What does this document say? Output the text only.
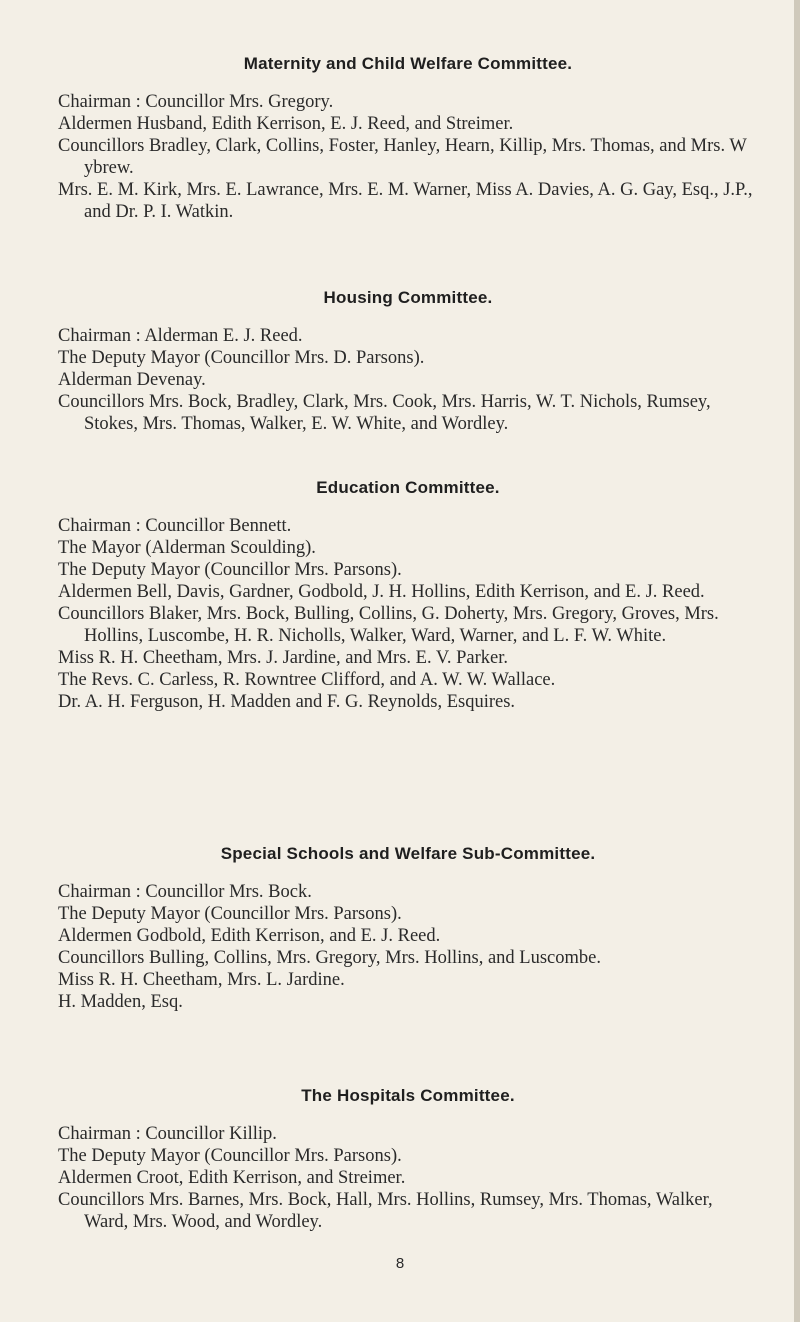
Maternity and Child Welfare Committee.

Chairman : Councillor Mrs. Gregory.

Aldermen Husband, Edith Kerrison, E. J. Reed, and Streimer.

Councillors Bradley, Clark, Collins, Foster, Hanley, Hearn, Killip, Mrs. Thomas, and Mrs. W ybrew.

Mrs. E. M. Kirk, Mrs. E. Lawrance, Mrs. E. M. Warner, Miss A. Davies, A. G. Gay, Esq., J.P., and Dr. P. I. Watkin.

Housing Committee.

Chairman : Alderman E. J. Reed.

The Deputy Mayor (Councillor Mrs. D. Parsons).

Alderman Devenay.

Councillors Mrs. Bock, Bradley, Clark, Mrs. Cook, Mrs. Harris, W. T. Nichols, Rumsey, Stokes, Mrs. Thomas, Walker, E. W. White, and Wordley.

Education Committee.

Chairman : Councillor Bennett.

The Mayor (Alderman Scoulding).

The Deputy Mayor (Councillor Mrs. Parsons).

Aldermen Bell, Davis, Gardner, Godbold, J. H. Hollins, Edith Kerrison, and E. J. Reed.

Councillors Blaker, Mrs. Bock, Bulling, Collins, G. Doherty, Mrs. Gregory, Groves, Mrs. Hollins, Luscombe, H. R. Nicholls, Walker, Ward, Warner, and L. F. W. White.

Miss R. H. Cheetham, Mrs. J. Jardine, and Mrs. E. V. Parker.

The Revs. C. Carless, R. Rowntree Clifford, and A. W. W. Wallace.

Dr. A. H. Ferguson, H. Madden and F. G. Reynolds, Esquires.

Special Schools and Welfare Sub-Committee.

Chairman : Councillor Mrs. Bock.

The Deputy Mayor (Councillor Mrs. Parsons).

Aldermen Godbold, Edith Kerrison, and E. J. Reed.

Councillors Bulling, Collins, Mrs. Gregory, Mrs. Hollins, and Luscombe.

Miss R. H. Cheetham, Mrs. L. Jardine.

H. Madden, Esq.

The Hospitals Committee.

Chairman : Councillor Killip.

The Deputy Mayor (Councillor Mrs. Parsons).

Aldermen Croot, Edith Kerrison, and Streimer.

Councillors Mrs. Barnes, Mrs. Bock, Hall, Mrs. Hollins, Rumsey, Mrs. Thomas, Walker, Ward, Mrs. Wood, and Wordley.

8
